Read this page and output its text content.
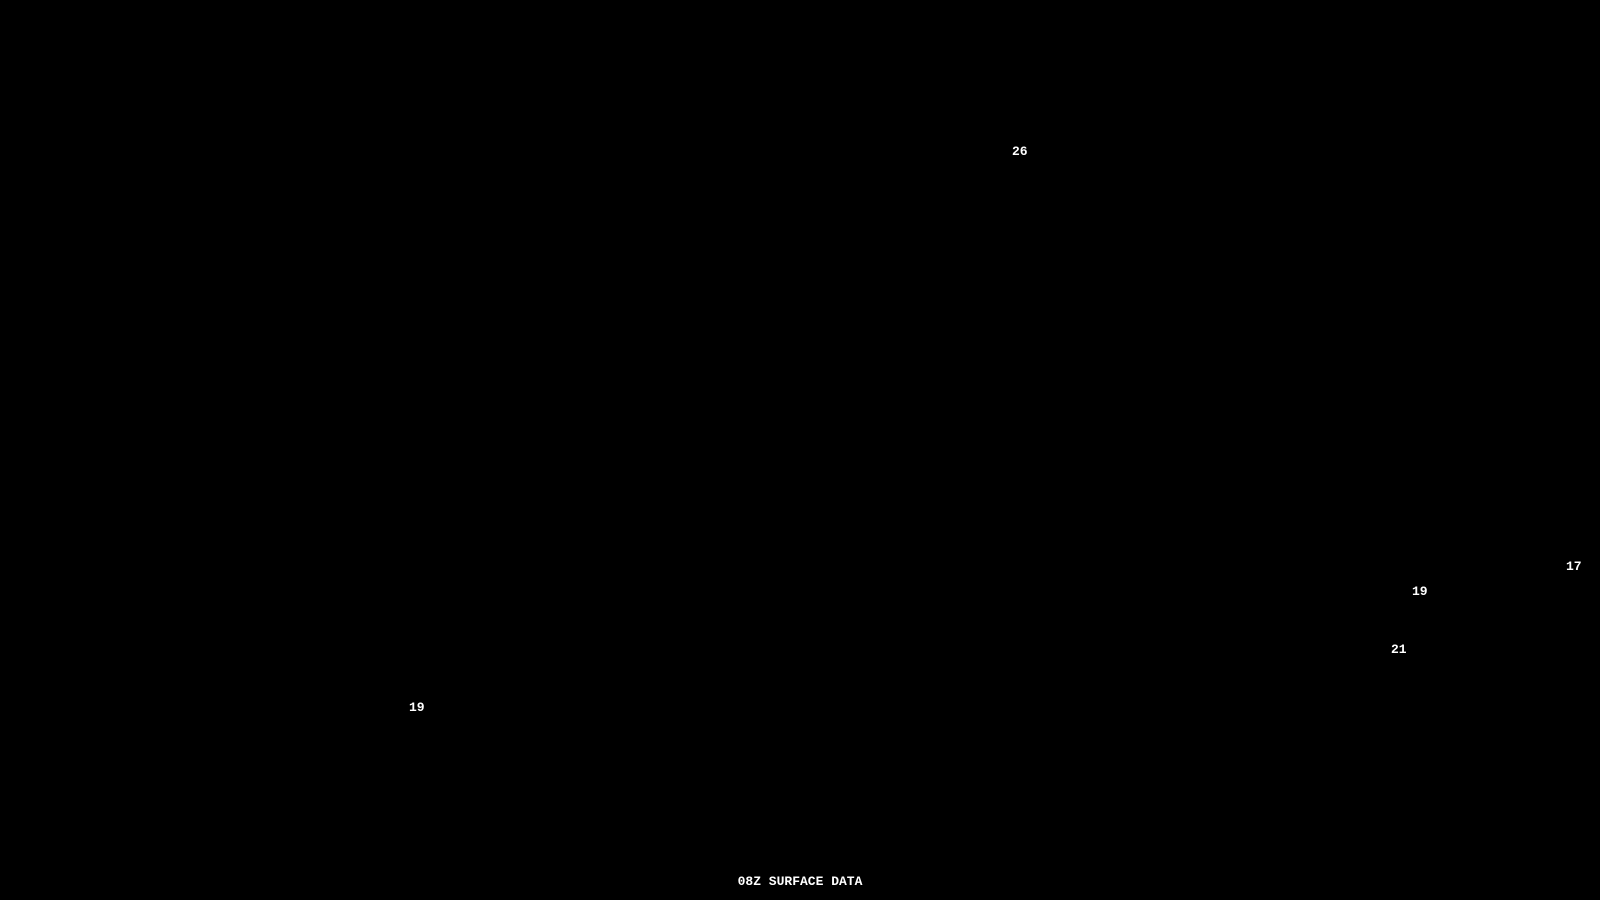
26
17
19
21
19
08Z SURFACE DATA
